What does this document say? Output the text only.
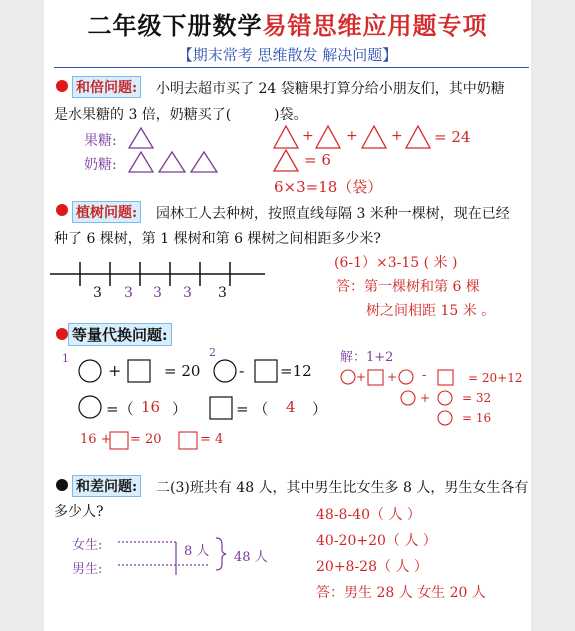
二年级下册数学易错思维应用题专项
【期末常考 思维散发 解决问题】
和倍问题: 小明去超市买了 24 袋糖果打算分给小朋友们，其中奶糖
是水果糖的 3 倍，奶糖买了(	)袋。
果糖:
奶糖:
+ + + = 24
= 6
6×3=18（袋）
植树问题: 园林工人去种树，按照直线每隔 3 米种一棵树，现在已经
种了 6 棵树，第 1 棵树和第 6 棵树之间相距多少米?
3 3 3 3 3
(6-1）×3-15 ( 米 )
答：第一棵树和第 6 棵
树之间相距 15 米 。
等量代换问题:
1	2
+	= 20 - =12
=（ 16 ）	= （ 4 ）
16 + = 20	= 4
解：1+2
+ + -	= 20+12
+	= 32
= 16
和差问题: 二(3)班共有 48 人，其中男生比女生多 8 人，男生女生各有
多少人?
女生:
男生:
8 人 48 人
48-8-40（ 人 ）
40-20+20（ 人 ）
20+8-28（ 人 ）
答：男生 28 人 女生 20 人
